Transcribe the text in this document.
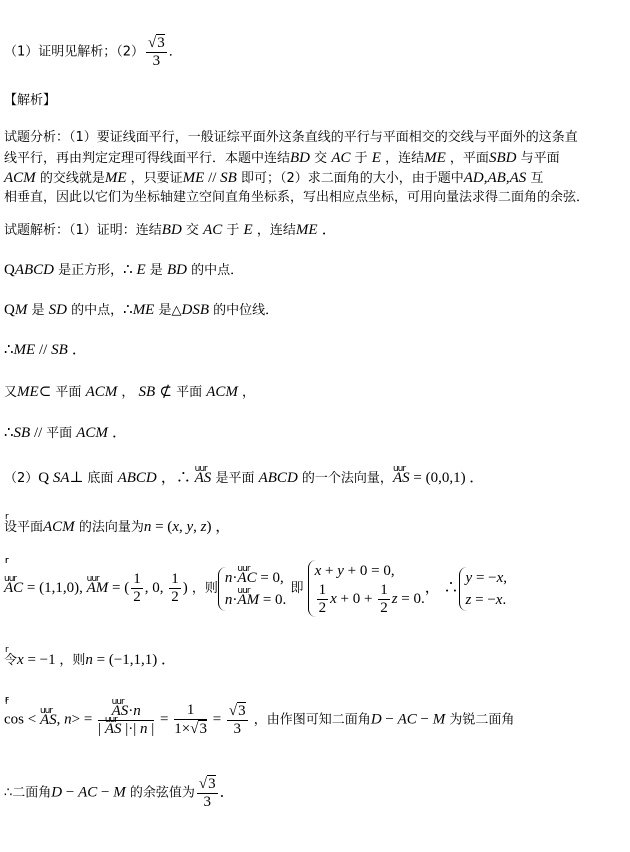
（1）证明见解析；$(2) \frac{√3}{3}$ ．
【解析】
试题分析：（1）要证线面平行，一般证综平面外这条直线的平行与平面相交的交线与平面外的这条直
线平行，再由判定定理可得线面平行．本题中连结BD 交 AC 于 E ，连结ME ，平面SBD 与平面
ACM 的交线就是ME ，只要证ME // SB 即可；（2）求二面角的大小，由于题中AD,AB,AS 互
相垂直，因此以它们为坐标轴建立空间直角坐标系，写出相应点坐标，可用向量法求得二面角的余弦．
试题解析：（1）证明：连结BD 交 AC 于 E ，连结ME ．
QABCD 是正方形，∴ E 是 BD 的中点．
QM 是 SD 的中点，∴ME 是△DSB 的中位线．
∴ME // SB ．
又ME⊂ 平面 ACM ， SB ⊄ 平面 ACM ，
∴SB // 平面 ACM ．
（2）Q SA⊥ 底面 ABCD ，∴ uur AS 是平面 ABCD 的一个法向量，uur AS = (0,0,1) ．
设平面ACM 的法向量为r n = (x, y, z) ，
uur AC = (1,1,0), uur AM = ( $\frac{1}{2}$ , 0, $\frac{1}{2}$ ) ，则
r n·uur AC = 0,
r n·uur AM = 0.
即
x + y + 0 = 0,
$\frac{1}{2}$ $x + 0 + \frac{1}{2}$ z = 0.
， ∴
y = −x,
z = −x.
令x = −1 ，则r n = (−1,1,1) ．
cos < uur AS, r n> =
uur $\frac{\text{AS·r n}}{\text{| uur AS |·| r n |}} = \frac{1}{1\times√3} = \frac{√3}{3}$ ，由作图可知二面角D − AC − M 为锐二面角
∴二面角D − AC − M 的余弦值为 $\frac{√3}{3}$ ．
